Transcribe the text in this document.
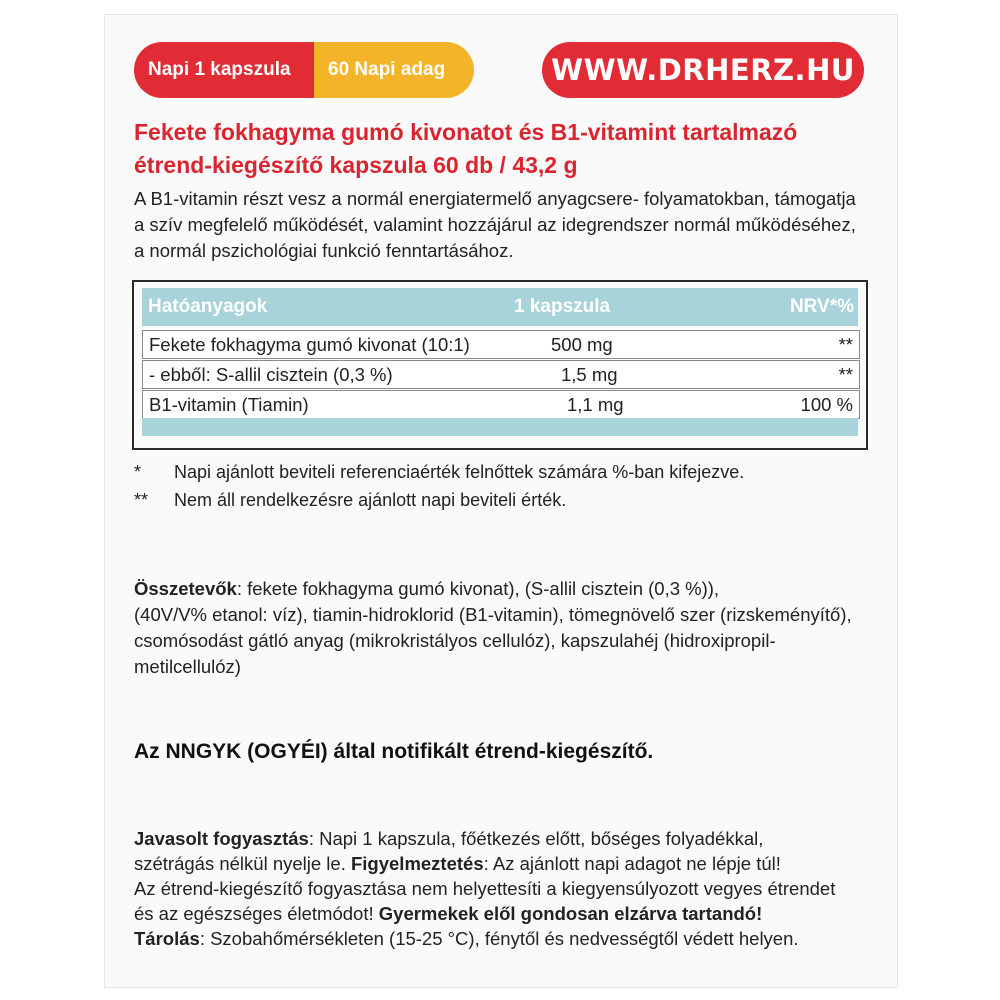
Napi 1 kapszula	60 Napi adag	WWW.DRHERZ.HU
Fekete fokhagyma gumó kivonatot és B1-vitamint tartalmazó
étrend-kiegészítő kapszula 60 db / 43,2 g
A B1-vitamin részt vesz a normál energiatermelő anyagcsere- folyamatokban, támogatja
a szív megfelelő működését, valamint hozzájárul az idegrendszer normál működéséhez,
a normál pszichológiai funkció fenntartásához.
Hatóanyagok	1 kapszula	NRV*%
Fekete fokhagyma gumó kivonat (10:1)	500 mg	**
- ebből: S-allil cisztein (0,3 %)	1,5 mg	**
B1-vitamin (Tiamin)	1,1 mg	100 %
* Napi ajánlott beviteli referenciaérték felnőttek számára %-ban kifejezve.
** Nem áll rendelkezésre ajánlott napi beviteli érték.
Összetevők: fekete fokhagyma gumó kivonat), (S-allil cisztein (0,3 %)),
(40V/V% etanol: víz), tiamin-hidroklorid (B1-vitamin), tömegnövelő szer (rizskeményítő),
csomósodást gátló anyag (mikrokristályos cellulóz), kapszulahéj (hidroxipropil-
metilcellulóz)
Az NNGYK (OGYÉI) által notifikált étrend-kiegészítő.
Javasolt fogyasztás: Napi 1 kapszula, főétkezés előtt, bőséges folyadékkal,
szétrágás nélkül nyelje le. Figyelmeztetés: Az ajánlott napi adagot ne lépje túl!
Az étrend-kiegészítő fogyasztása nem helyettesíti a kiegyensúlyozott vegyes étrendet
és az egészséges életmódot! Gyermekek elől gondosan elzárva tartandó!
Tárolás: Szobahőmérsékleten (15-25 °C), fénytől és nedvességtől védett helyen.
